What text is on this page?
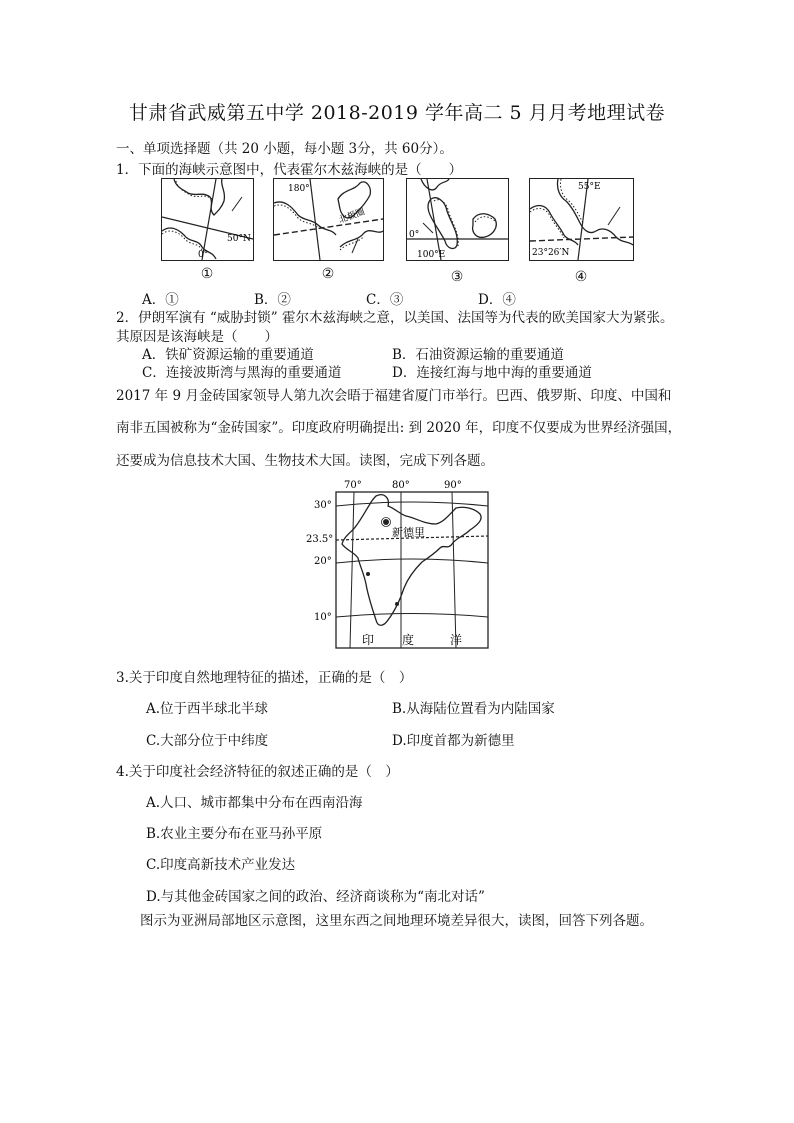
甘肃省武威第五中学 2018-2019 学年高二 5 月月考地理试卷
一、单项选择题（共 20 小题，每小题 3分，共 60分）。
1．下面的海峡示意图中，代表霍尔木兹海峡的是（　　）
50°N
0°
①
180°
北极圈
②
0°
100°E
③
55°E
23°26′N
④
A．①	B．②	C．③	D．④
2．伊朗军演有 “威胁封锁” 霍尔木兹海峡之意，以美国、法国等为代表的欧美国家大为紧张。
其原因是该海峡是（　　）
A．铁矿资源运输的重要通道	B．石油资源运输的重要通道
C．连接波斯湾与黑海的重要通道	D．连接红海与地中海的重要通道
2017 年 9 月金砖国家领导人第九次会晤于福建省厦门市举行。巴西、俄罗斯、印度、中国和
南非五国被称为“金砖国家”。印度政府明确提出: 到 2020 年，印度不仅要成为世界经济强国，
还要成为信息技术大国、生物技术大国。读图，完成下列各题。
70°	80°	90°
30°
23.5°
20°
10°
新德里
印 度	洋
3.关于印度自然地理特征的描述，正确的是（　）
A.位于西半球北半球	B.从海陆位置看为内陆国家
C.大部分位于中纬度	D.印度首都为新德里
4.关于印度社会经济特征的叙述正确的是（　）
A.人口、城市都集中分布在西南沿海
B.农业主要分布在亚马孙平原
C.印度高新技术产业发达
D.与其他金砖国家之间的政治、经济商谈称为“南北对话”
图示为亚洲局部地区示意图，这里东西之间地理环境差异很大，读图，回答下列各题。
